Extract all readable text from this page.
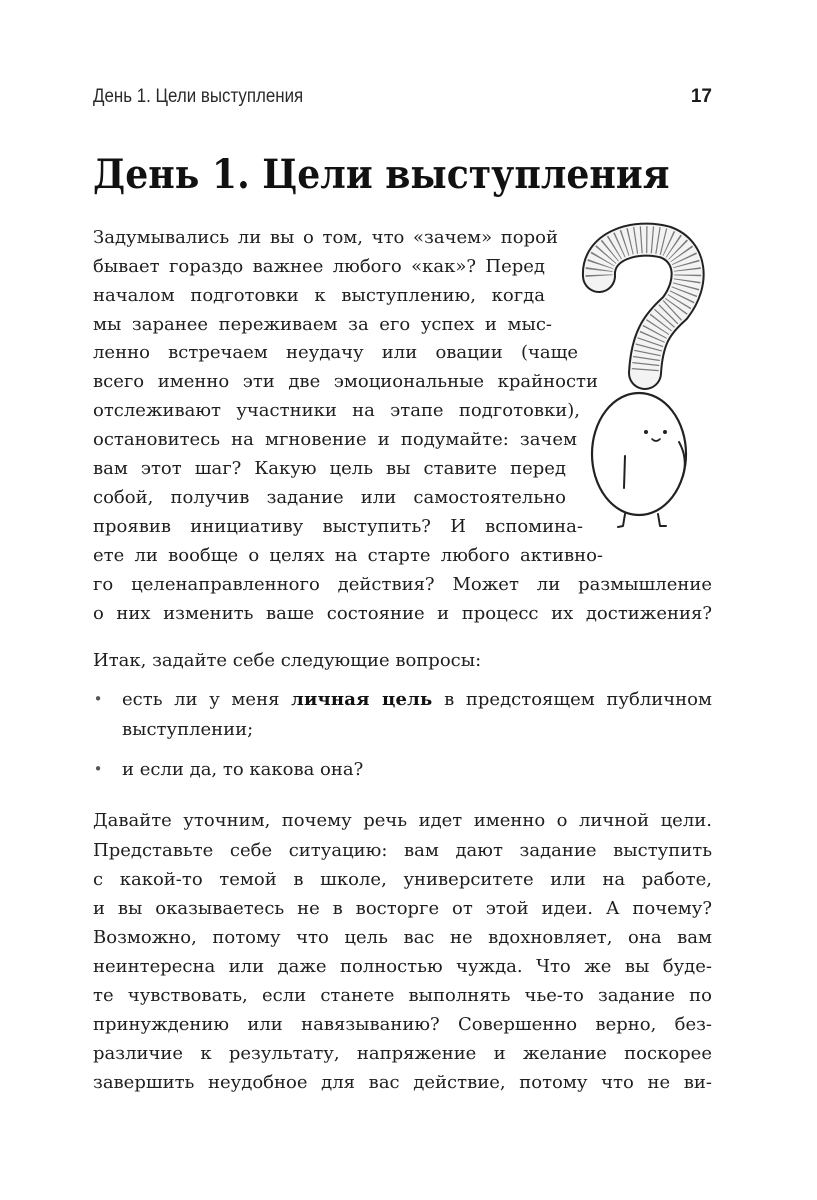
День 1. Цели выступления	17
День 1. Цели выступления
Задумывались ли вы о том, что «зачем» порой
бывает гораздо важнее любого «как»? Перед
началом подготовки к выступлению, когда
мы заранее переживаем за его успех и мыс-
ленно встречаем неудачу или овации (чаще
всего именно эти две эмоциональные крайности
отслеживают участники на этапе подготовки),
остановитесь на мгновение и подумайте: зачем
вам этот шаг? Какую цель вы ставите перед
собой, получив задание или самостоятельно
проявив инициативу выступить? И вспомина-
ете ли вообще о целях на старте любого активно-
го целенаправленного действия? Может ли размышление
о них изменить ваше состояние и процесс их достижения?
Итак, задайте себе следующие вопросы:
• есть ли у меня личная цель в предстоящем публичном
выступлении;
• и если да, то какова она?
Давайте уточним, почему речь идет именно о личной цели.
Представьте себе ситуацию: вам дают задание выступить
с какой-то темой в школе, университете или на работе,
и вы оказываетесь не в восторге от этой идеи. А почему?
Возможно, потому что цель вас не вдохновляет, она вам
неинтересна или даже полностью чужда. Что же вы буде-
те чувствовать, если станете выполнять чье-то задание по
принуждению или навязыванию? Совершенно верно, без-
различие к результату, напряжение и желание поскорее
завершить неудобное для вас действие, потому что не ви-
